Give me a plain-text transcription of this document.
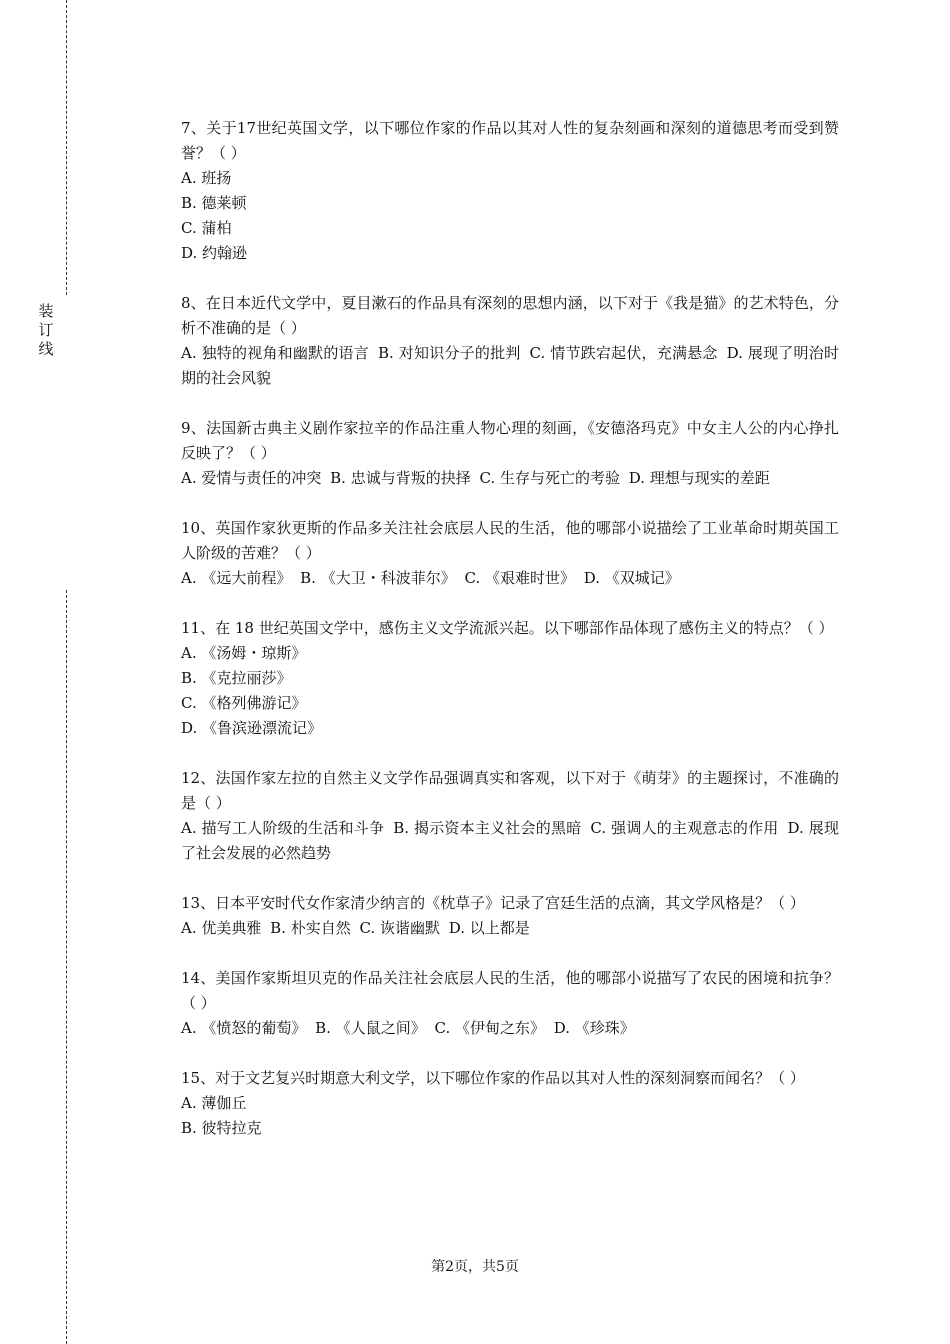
装
订
线
7、关于17世纪英国文学，以下哪位作家的作品以其对人性的复杂刻画和深刻的道德思考而受到赞誉？（ ）
A. 班扬
B. 德莱顿
C. 蒲柏
D. 约翰逊
8、在日本近代文学中，夏目漱石的作品具有深刻的思想内涵，以下对于《我是猫》的艺术特色，分析不准确的是（ ）
A. 独特的视角和幽默的语言 B. 对知识分子的批判 C. 情节跌宕起伏，充满悬念 D. 展现了明治时期的社会风貌
9、法国新古典主义剧作家拉辛的作品注重人物心理的刻画，《安德洛玛克》中女主人公的内心挣扎反映了？（ ）
A. 爱情与责任的冲突 B. 忠诚与背叛的抉择 C. 生存与死亡的考验 D. 理想与现实的差距
10、英国作家狄更斯的作品多关注社会底层人民的生活，他的哪部小说描绘了工业革命时期英国工人阶级的苦难？（ ）
A. 《远大前程》 B. 《大卫・科波菲尔》 C. 《艰难时世》 D. 《双城记》
11、在 18 世纪英国文学中，感伤主义文学流派兴起。以下哪部作品体现了感伤主义的特点？（ ）
A. 《汤姆・琼斯》
B. 《克拉丽莎》
C. 《格列佛游记》
D. 《鲁滨逊漂流记》
12、法国作家左拉的自然主义文学作品强调真实和客观，以下对于《萌芽》的主题探讨，不准确的是（ ）
A. 描写工人阶级的生活和斗争 B. 揭示资本主义社会的黑暗 C. 强调人的主观意志的作用 D. 展现了社会发展的必然趋势
13、日本平安时代女作家清少纳言的《枕草子》记录了宫廷生活的点滴，其文学风格是？（ ）
A. 优美典雅 B. 朴实自然 C. 诙谐幽默 D. 以上都是
14、美国作家斯坦贝克的作品关注社会底层人民的生活，他的哪部小说描写了农民的困境和抗争？（ ）
A. 《愤怒的葡萄》 B. 《人鼠之间》 C. 《伊甸之东》 D. 《珍珠》
15、对于文艺复兴时期意大利文学，以下哪位作家的作品以其对人性的深刻洞察而闻名？（ ）
A. 薄伽丘
B. 彼特拉克
第2页，共5页
